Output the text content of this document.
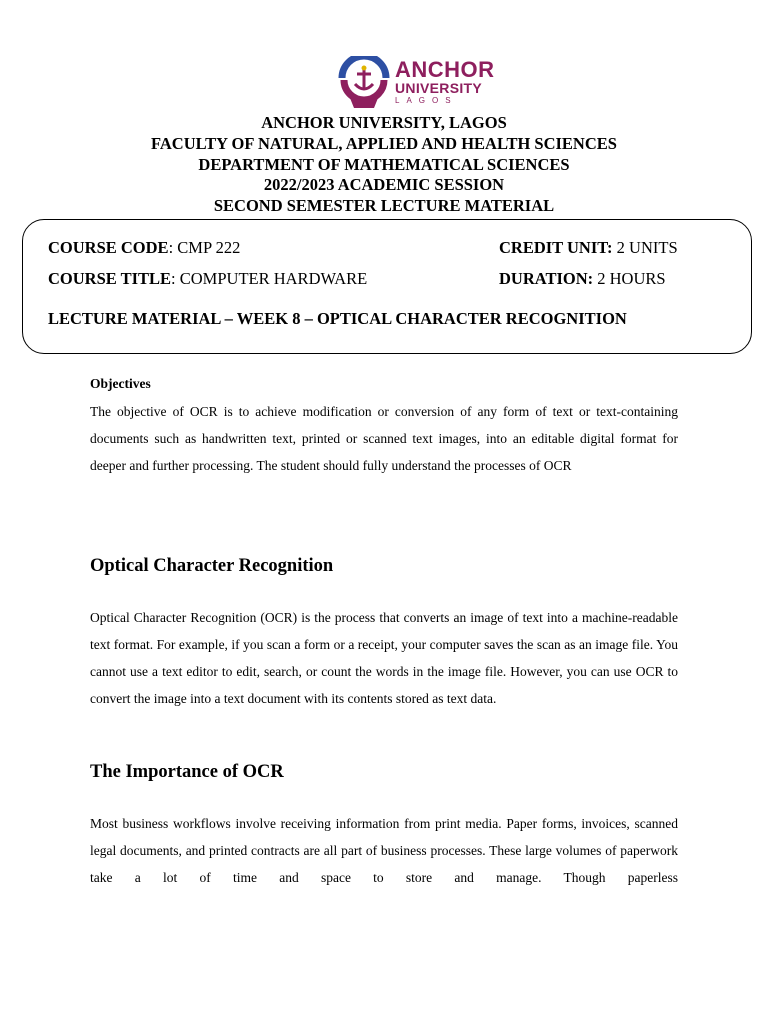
ANCHOR
UNIVERSITY
LAGOS
ANCHOR UNIVERSITY, LAGOS
FACULTY OF NATURAL, APPLIED AND HEALTH SCIENCES
DEPARTMENT OF MATHEMATICAL SCIENCES
2022/2023 ACADEMIC SESSION
SECOND SEMESTER LECTURE MATERIAL
COURSE CODE: CMP 222	CREDIT UNIT: 2 UNITS
COURSE TITLE: COMPUTER HARDWARE	DURATION: 2 HOURS
LECTURE MATERIAL – WEEK 8 – OPTICAL CHARACTER RECOGNITION
Objectives
The objective of OCR is to achieve modification or conversion of any form of text or text-containing documents such as handwritten text, printed or scanned text images, into an editable digital format for deeper and further processing. The student should fully understand the processes of OCR
Optical Character Recognition
Optical Character Recognition (OCR) is the process that converts an image of text into a machine-readable text format. For example, if you scan a form or a receipt, your computer saves the scan as an image file. You cannot use a text editor to edit, search, or count the words in the image file. However, you can use OCR to convert the image into a text document with its contents stored as text data.
The Importance of OCR
Most business workflows involve receiving information from print media. Paper forms, invoices, scanned legal documents, and printed contracts are all part of business processes. These large volumes of paperwork take a lot of time and space to store and manage. Though paperless
